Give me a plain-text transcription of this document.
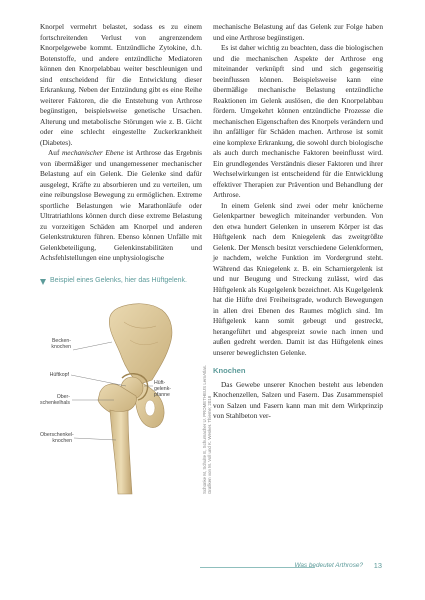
Knorpel vermehrt belastet, sodass es zu einem fortschreitenden Verlust von angrenzendem Knorpelgewebe kommt. Entzündliche Zytokine, d.h. Botenstoffe, und andere entzündliche Mediatoren können den Knorpelabbau weiter beschleunigen und sind entscheidend für die Entwicklung dieser Erkrankung. Neben der Entzündung gibt es eine Reihe weiterer Faktoren, die die Entstehung von Arthrose begünstigen, beispielsweise genetische Ursachen. Alterung und metabolische Störungen wie z. B. Gicht oder eine schlecht eingestellte Zuckerkrankheit (Diabetes).

Auf mechanischer Ebene ist Arthrose das Ergebnis von übermäßiger und unangemessener mechanischer Belastung auf ein Gelenk. Die Gelenke sind dafür ausgelegt, Kräfte zu absorbieren und zu verteilen, um eine reibungslose Bewegung zu ermöglichen. Extreme sportliche Belastungen wie Marathonläufe oder Ultratriathlons können durch diese extreme Belastung zu vorzeitigen Schäden am Knorpel und anderen Gelenkstrukturen führen. Ebenso können Unfälle mit Gelenkbeteiligung, Gelenkinstabilitäten und Achsfehlstellungen eine unphysiologische

Beispiel eines Gelenks, hier das Hüftgelenk.
Becken-
knochen
Hüftkopf
Ober-
schenkelhals
Oberschenkel-
knochen
Hüft-
gelenk-
pfanne
Schünke M, Schulte E, Schumacher U. PROMETHEUS LernAtlas.
Grafiken von M. Voll und K. Wesker. Thieme; 2018

mechanische Belastung auf das Gelenk zur Folge haben und eine Arthrose begünstigen.

Es ist daher wichtig zu beachten, dass die biologischen und die mechanischen Aspekte der Arthrose eng miteinander verknüpft sind und sich gegenseitig beeinflussen können. Beispielsweise kann eine übermäßige mechanische Belastung entzündliche Reaktionen im Gelenk auslösen, die den Knorpelabbau fördern. Umgekehrt können entzündliche Prozesse die mechanischen Eigenschaften des Knorpels verändern und ihn anfälliger für Schäden machen. Arthrose ist somit eine komplexe Erkrankung, die sowohl durch biologische als auch durch mechanische Faktoren beeinflusst wird. Ein grundlegendes Verständnis dieser Faktoren und ihrer Wechselwirkungen ist entscheidend für die Entwicklung effektiver Therapien zur Prävention und Behandlung der Arthrose.

In einem Gelenk sind zwei oder mehr knöcherne Gelenkpartner beweglich miteinander verbunden. Von den etwa hundert Gelenken in unserem Körper ist das Hüftgelenk nach dem Kniegelenk das zweitgrößte Gelenk. Der Mensch besitzt verschiedene Gelenkformen, je nachdem, welche Funktion im Vordergrund steht. Während das Kniegelenk z. B. ein Scharniergelenk ist und nur Beugung und Streckung zulässt, wird das Hüftgelenk als Kugelgelenk bezeichnet. Als Kugelgelenk hat die Hüfte drei Freiheitsgrade, wodurch Bewegungen in allen drei Ebenen des Raumes möglich sind. Im Hüftgelenk kann somit gebeugt und gestreckt, herangeführt und abgespreizt sowie nach innen und außen gedreht werden. Damit ist das Hüftgelenk eines unserer beweglichsten Gelenke.

Knochen

Das Gewebe unserer Knochen besteht aus lebenden Knochenzellen, Salzen und Fasern. Das Zusammenspiel von Salzen und Fasern kann man mit dem Wirkprinzip von Stahlbeton ver-

Was bedeutet Arthrose? 13
